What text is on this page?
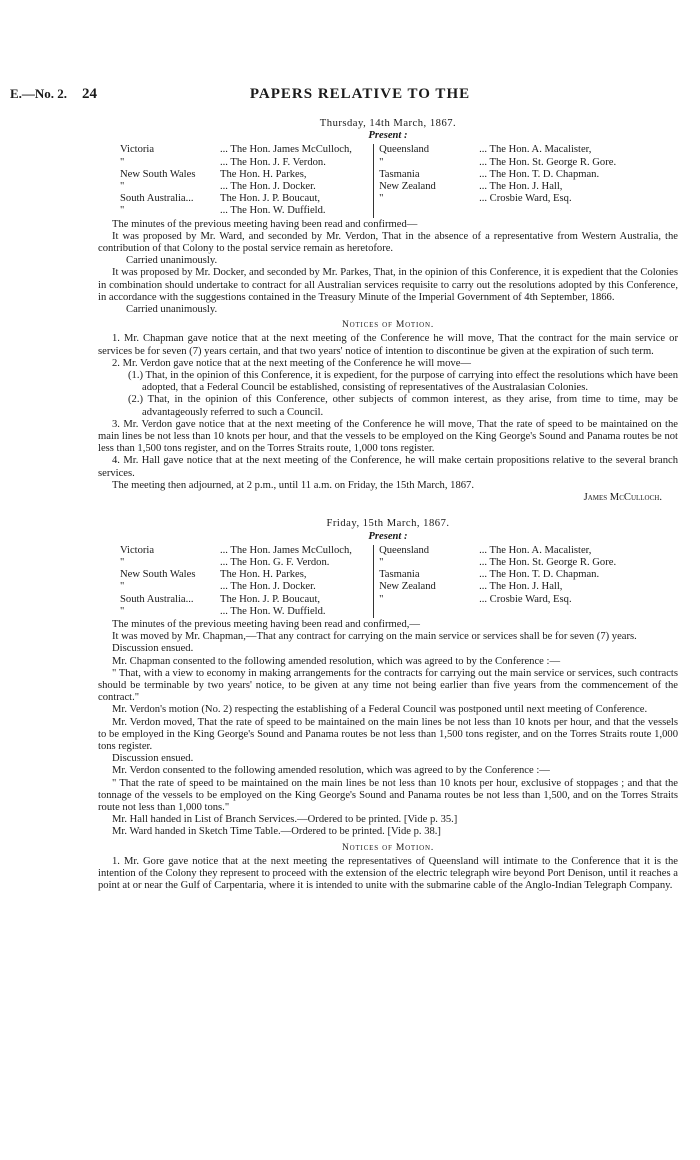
E.—No. 2. 24	PAPERS RELATIVE TO THE
Thursday, 14th March, 1867.
Present :
Victoria	... The Hon. James McCulloch,
"	... The Hon. J. F. Verdon.
New South Wales	The Hon. H. Parkes,
"	... The Hon. J. Docker.
South Australia...	The Hon. J. P. Boucaut,
"	... The Hon. W. Duffield.
Queensland	... The Hon. A. Macalister,
"	... The Hon. St. George R. Gore.
Tasmania	... The Hon. T. D. Chapman.
New Zealand	... The Hon. J. Hall,
"	... Crosbie Ward, Esq.

The minutes of the previous meeting having been read and confirmed—

It was proposed by Mr. Ward, and seconded by Mr. Verdon, That in the absence of a representative from Western Australia, the contribution of that Colony to the postal service remain as heretofore.

Carried unanimously.

It was proposed by Mr. Docker, and seconded by Mr. Parkes, That, in the opinion of this Conference, it is expedient that the Colonies in combination should undertake to contract for all Australian services requisite to carry out the resolutions adopted by this Conference, in accordance with the suggestions contained in the Treasury Minute of the Imperial Government of 4th September, 1866.

Carried unanimously.

Notices of Motion.

1. Mr. Chapman gave notice that at the next meeting of the Conference he will move, That the contract for the main service or services be for seven (7) years certain, and that two years' notice of intention to discontinue be given at the expiration of such term.

2. Mr. Verdon gave notice that at the next meeting of the Conference he will move—

(1.) That, in the opinion of this Conference, it is expedient, for the purpose of carrying into effect the resolutions which have been adopted, that a Federal Council be established, consisting of representatives of the Australasian Colonies.

(2.) That, in the opinion of this Conference, other subjects of common interest, as they arise, from time to time, may be advantageously referred to such a Council.

3. Mr. Verdon gave notice that at the next meeting of the Conference he will move, That the rate of speed to be maintained on the main lines be not less than 10 knots per hour, and that the vessels to be employed on the King George's Sound and Panama routes be not less than 1,500 tons register, and on the Torres Straits route, 1,000 tons register.

4. Mr. Hall gave notice that at the next meeting of the Conference, he will make certain propositions relative to the several branch services.

The meeting then adjourned, at 2 p.m., until 11 a.m. on Friday, the 15th March, 1867.

James McCulloch.
Friday, 15th March, 1867.
Present :
Victoria	... The Hon. James McCulloch,
"	... The Hon. G. F. Verdon.
New South Wales	The Hon. H. Parkes,
"	... The Hon. J. Docker.
South Australia...	The Hon. J. P. Boucaut,
"	... The Hon. W. Duffield.
Queensland	... The Hon. A. Macalister,
"	... The Hon. St. George R. Gore.
Tasmania	... The Hon. T. D. Chapman.
New Zealand	... The Hon. J. Hall,
"	... Crosbie Ward, Esq.

The minutes of the previous meeting having been read and confirmed,—

It was moved by Mr. Chapman,—That any contract for carrying on the main service or services shall be for seven (7) years.

Discussion ensued.

Mr. Chapman consented to the following amended resolution, which was agreed to by the Conference :—

" That, with a view to economy in making arrangements for the contracts for carrying out the main service or services, such contracts should be terminable by two years' notice, to be given at any time not being earlier than five years from the commencement of the contract."

Mr. Verdon's motion (No. 2) respecting the establishing of a Federal Council was postponed until next meeting of Conference.

Mr. Verdon moved, That the rate of speed to be maintained on the main lines be not less than 10 knots per hour, and that the vessels to be employed in the King George's Sound and Panama routes be not less than 1,500 tons register, and on the Torres Straits route 1,000 tons register.

Discussion ensued.

Mr. Verdon consented to the following amended resolution, which was agreed to by the Conference :—

" That the rate of speed to be maintained on the main lines be not less than 10 knots per hour, exclusive of stoppages ; and that the tonnage of the vessels to be employed on the King George's Sound and Panama routes be not less than 1,500, and on the Torres Straits route not less than 1,000 tons."

Mr. Hall handed in List of Branch Services.—Ordered to be printed. [Vide p. 35.]

Mr. Ward handed in Sketch Time Table.—Ordered to be printed. [Vide p. 38.]

Notices of Motion.

1. Mr. Gore gave notice that at the next meeting the representatives of Queensland will intimate to the Conference that it is the intention of the Colony they represent to proceed with the extension of the electric telegraph wire beyond Port Denison, until it reaches a point at or near the Gulf of Carpentaria, where it is intended to unite with the submarine cable of the Anglo-Indian Telegraph Company.
